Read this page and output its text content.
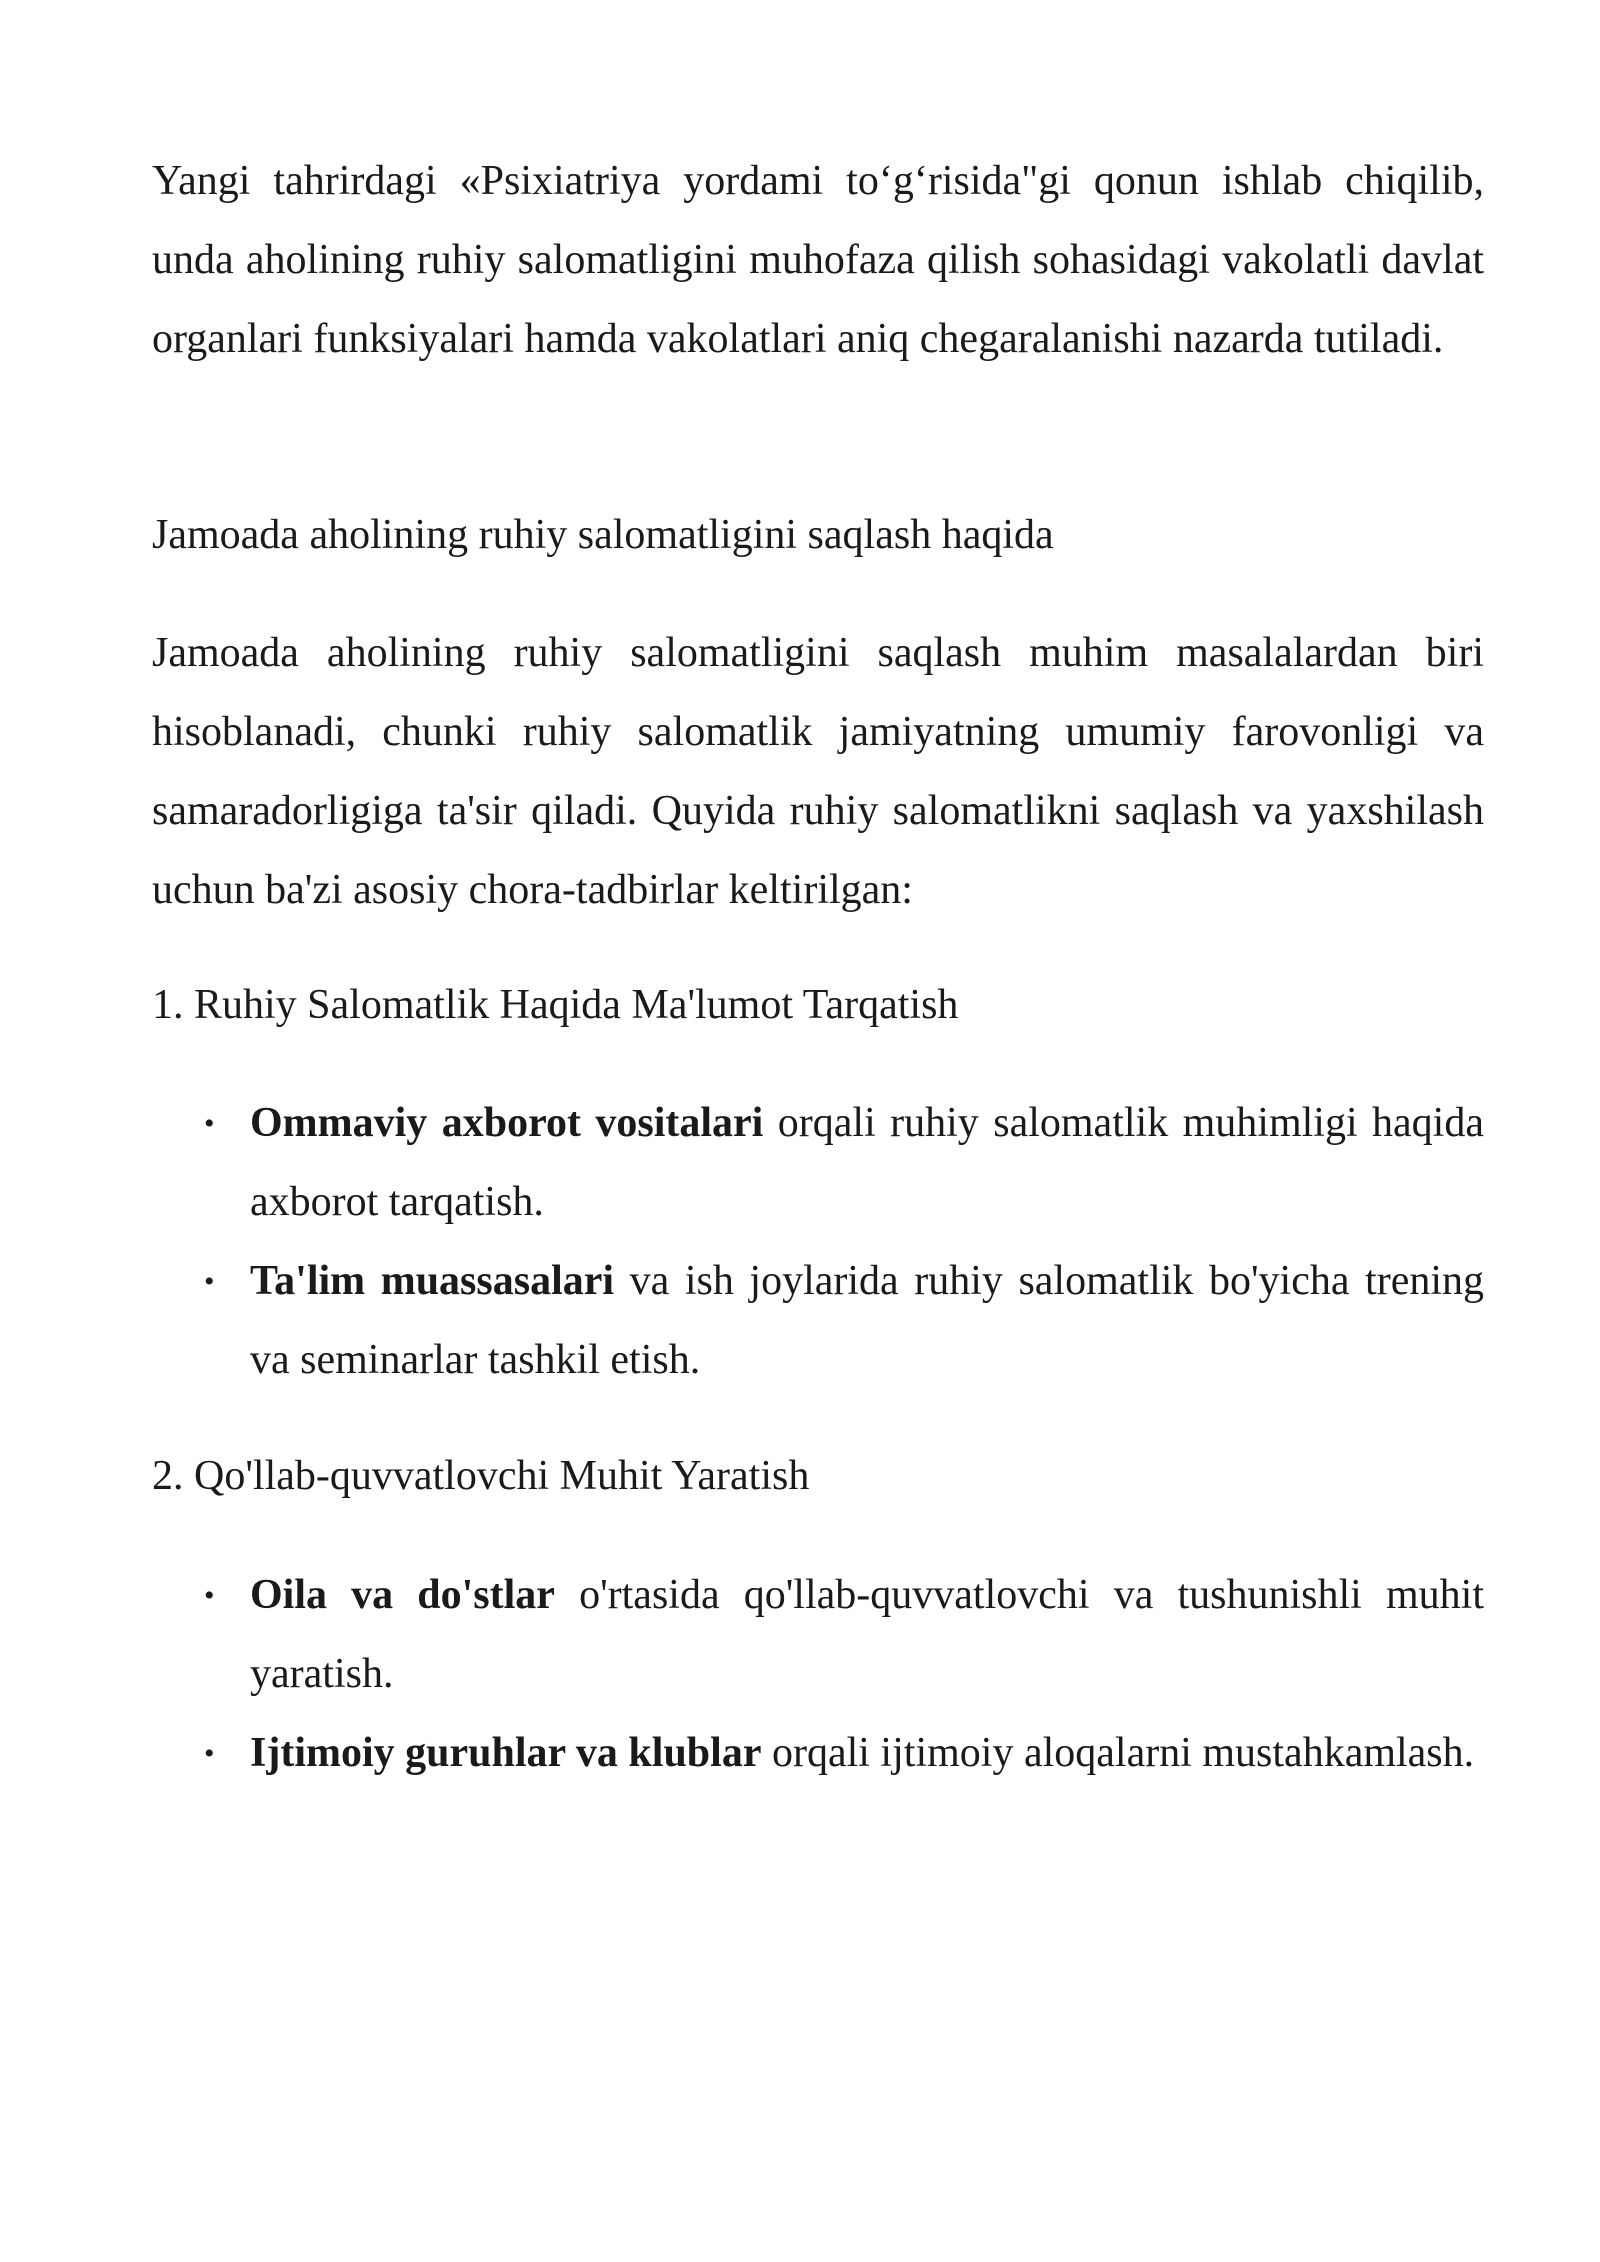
Yangi tahrirdagi «Psixiatriya yordami to‘g‘risida"gi qonun ishlab chiqilib, unda aholining ruhiy salomatligini muhofaza qilish sohasidagi vakolatli davlat organlari funksiyalari hamda vakolatlari aniq chegaralanishi nazarda tutiladi.

Jamoada aholining ruhiy salomatligini saqlash haqida

Jamoada aholining ruhiy salomatligini saqlash muhim masalalardan biri hisoblanadi, chunki ruhiy salomatlik jamiyatning umumiy farovonligi va samaradorligiga ta'sir qiladi. Quyida ruhiy salomatlikni saqlash va yaxshilash uchun ba'zi asosiy chora-tadbirlar keltirilgan:

1. Ruhiy Salomatlik Haqida Ma'lumot Tarqatish

• Ommaviy axborot vositalari orqali ruhiy salomatlik muhimligi haqida axborot tarqatish.
• Ta'lim muassasalari va ish joylarida ruhiy salomatlik bo'yicha trening va seminarlar tashkil etish.

2. Qo'llab-quvvatlovchi Muhit Yaratish

• Oila va do'stlar o'rtasida qo'llab-quvvatlovchi va tushunishli muhit yaratish.
• Ijtimoiy guruhlar va klublar orqali ijtimoiy aloqalarni mustahkamlash.
